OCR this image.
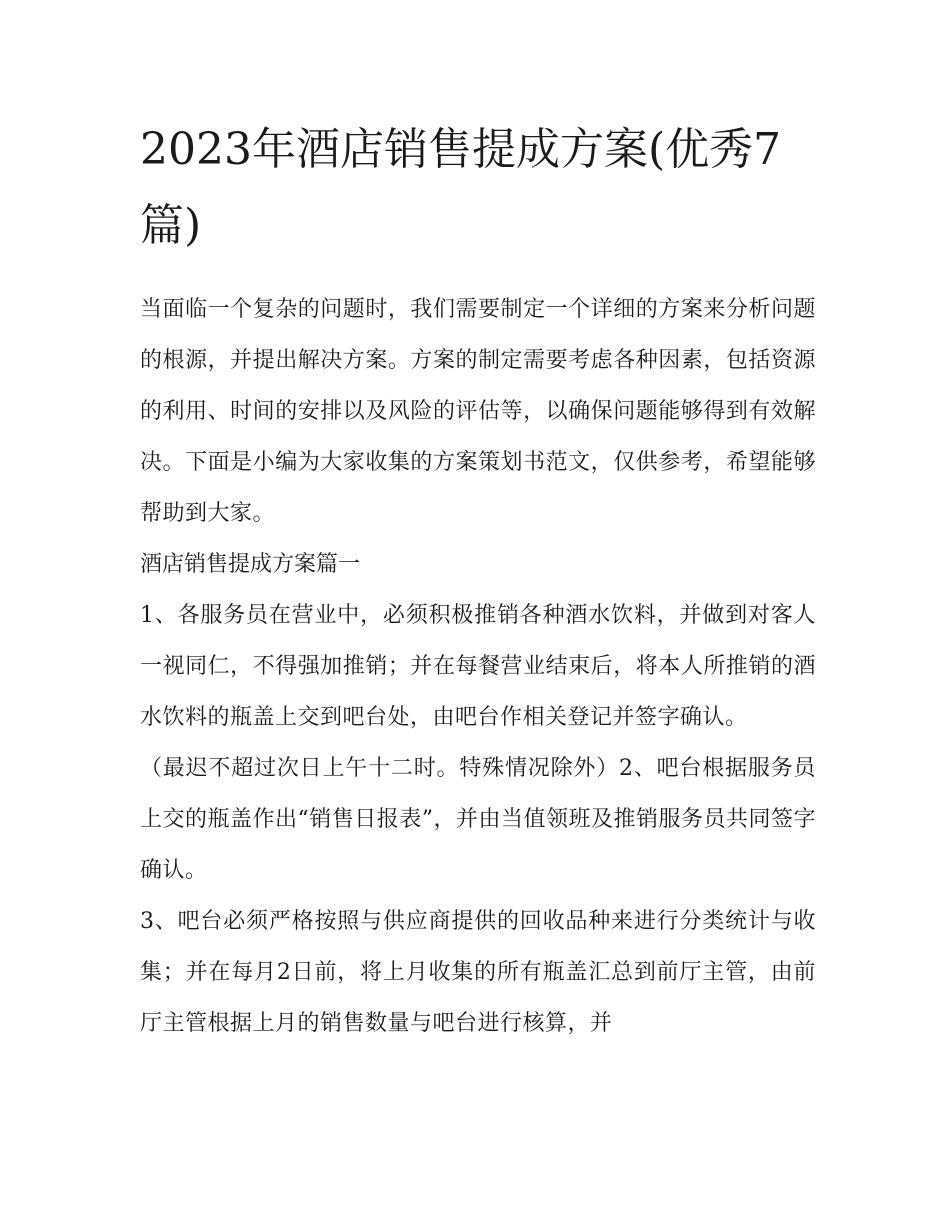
2023年酒店销售提成方案(优秀7篇)

当面临一个复杂的问题时，我们需要制定一个详细的方案来分析问题的根源，并提出解决方案。方案的制定需要考虑各种因素，包括资源的利用、时间的安排以及风险的评估等，以确保问题能够得到有效解决。下面是小编为大家收集的方案策划书范文，仅供参考，希望能够帮助到大家。

酒店销售提成方案篇一

1、各服务员在营业中，必须积极推销各种酒水饮料，并做到对客人一视同仁，不得强加推销；并在每餐营业结束后，将本人所推销的酒水饮料的瓶盖上交到吧台处，由吧台作相关登记并签字确认。

（最迟不超过次日上午十二时。特殊情况除外）2、吧台根据服务员上交的瓶盖作出“销售日报表”，并由当值领班及推销服务员共同签字确认。

3、吧台必须严格按照与供应商提供的回收品种来进行分类统计与收集；并在每月2日前，将上月收集的所有瓶盖汇总到前厅主管，由前厅主管根据上月的销售数量与吧台进行核算，并
